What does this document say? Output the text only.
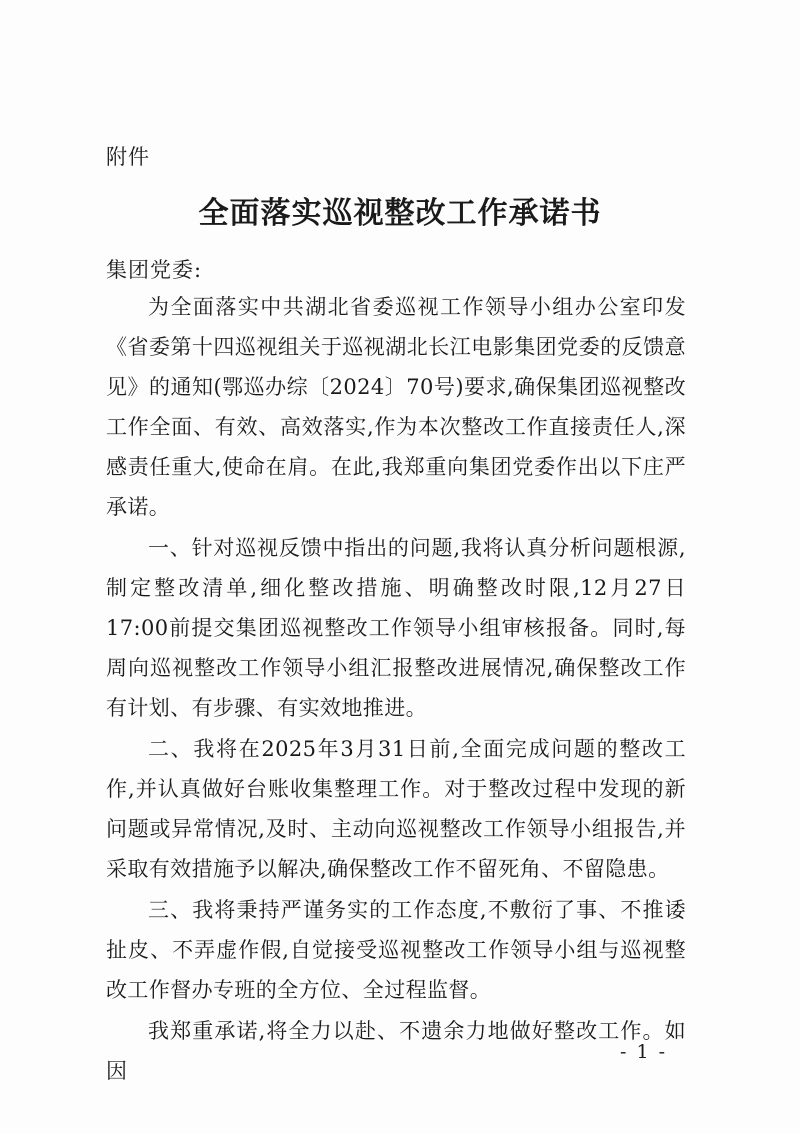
附件
全面落实巡视整改工作承诺书
集团党委:

为全面落实中共湖北省委巡视工作领导小组办公室印发《省委第十四巡视组关于巡视湖北长江电影集团党委的反馈意见》的通知(鄂巡办综〔2024〕70号)要求,确保集团巡视整改工作全面、有效、高效落实,作为本次整改工作直接责任人,深感责任重大,使命在肩。在此,我郑重向集团党委作出以下庄严承诺。

一、针对巡视反馈中指出的问题,我将认真分析问题根源,制定整改清单,细化整改措施、明确整改时限,12月27日17:00前提交集团巡视整改工作领导小组审核报备。同时,每周向巡视整改工作领导小组汇报整改进展情况,确保整改工作有计划、有步骤、有实效地推进。

二、我将在2025年3月31日前,全面完成问题的整改工作,并认真做好台账收集整理工作。对于整改过程中发现的新问题或异常情况,及时、主动向巡视整改工作领导小组报告,并采取有效措施予以解决,确保整改工作不留死角、不留隐患。

三、我将秉持严谨务实的工作态度,不敷衍了事、不推诿扯皮、不弄虚作假,自觉接受巡视整改工作领导小组与巡视整改工作督办专班的全方位、全过程监督。

我郑重承诺,将全力以赴、不遗余力地做好整改工作。如因

- 1 -
